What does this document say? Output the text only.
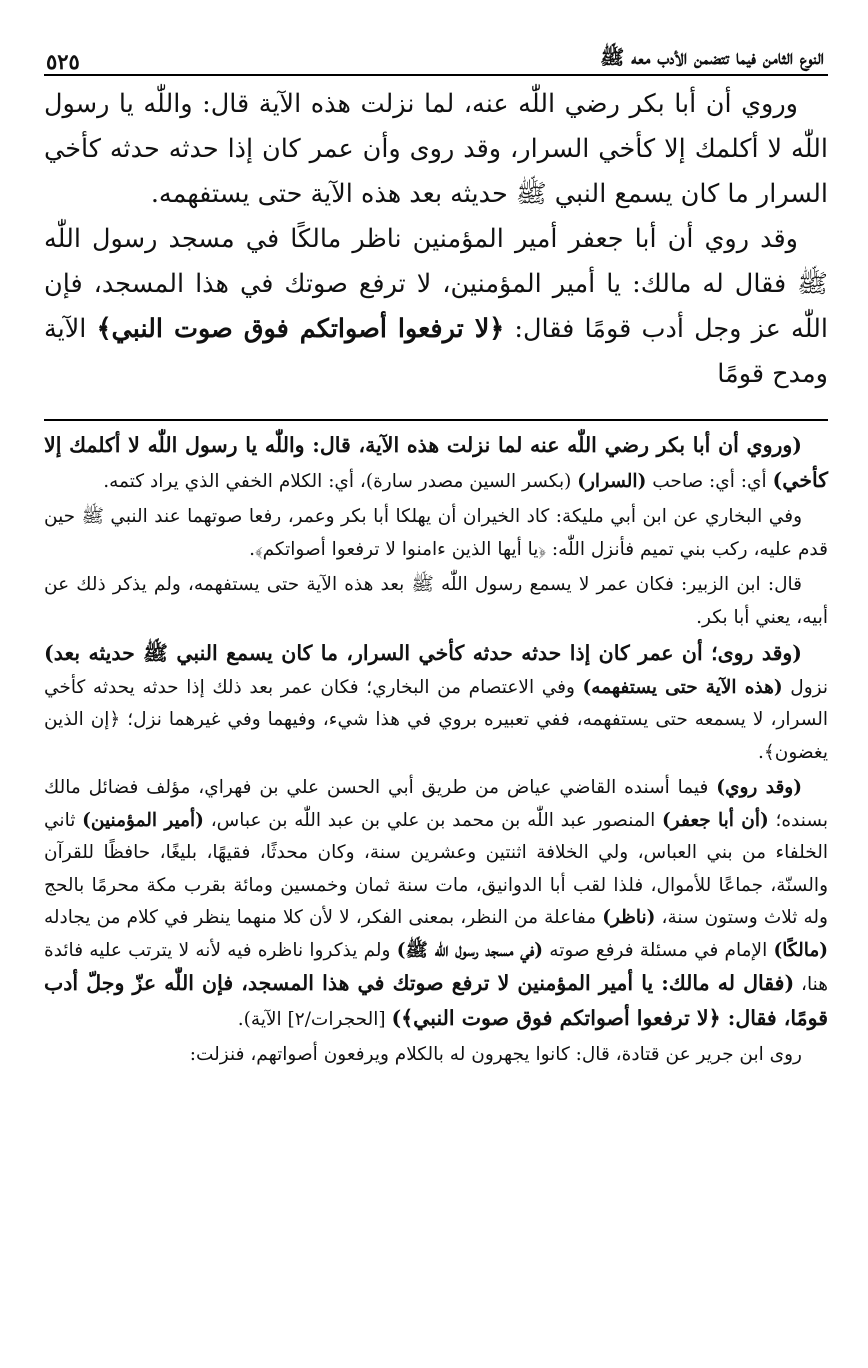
٥٢٥	النوع الثامن فيما تتضمن الأدب معه ﷺ

وروي أن أبا بكر رضي اللّٰه عنه، لما نزلت هذه الآية قال: واللّٰه يا رسول اللّٰه لا أكلمك إلا كأخي السرار، وقد روى وأن عمر كان إذا حدثه حدثه كأخي السرار ما كان يسمع النبي ﷺ حديثه بعد هذه الآية حتى يستفهمه.

وقد روي أن أبا جعفر أمير المؤمنين ناظر مالكًا في مسجد رسول اللّٰه ﷺ فقال له مالك: يا أمير المؤمنين، لا ترفع صوتك في هذا المسجد، فإن اللّٰه عز وجل أدب قومًا فقال: ﴿لا ترفعوا أصواتكم فوق صوت النبي﴾ الآية ومدح قومًا

(وروي أن أبا بكر رضي اللّٰه عنه لما نزلت هذه الآية، قال: واللّٰه يا رسول اللّٰه لا أكلمك إلا كأخي) أي: أي: صاحب (السرار) (بكسر السين مصدر سارة)، أي: الكلام الخفي الذي يراد كتمه.

وفي البخاري عن ابن أبي مليكة: كاد الخيران أن يهلكا أبا بكر وعمر، رفعا صوتهما عند النبي ﷺ حين قدم عليه، ركب بني تميم فأنزل اللّٰه: ﴿يا أيها الذين ءامنوا لا ترفعوا أصواتكم﴾.

قال: ابن الزبير: فكان عمر لا يسمع رسول اللّٰه ﷺ بعد هذه الآية حتى يستفهمه، ولم يذكر ذلك عن أبيه، يعني أبا بكر.

(وقد روى؛ أن عمر كان إذا حدثه حدثه كأخي السرار، ما كان يسمع النبي ﷺ حديثه بعد) نزول (هذه الآية حتى يستفهمه) وفي الاعتصام من البخاري؛ فكان عمر بعد ذلك إذا حدثه يحدثه كأخي السرار، لا يسمعه حتى يستفهمه، ففي تعبيره بروي في هذا شيء، وفيهما وفي غيرهما نزل؛ ﴿إن الذين يغضون﴾.

(وقد روي) فيما أسنده القاضي عياض من طريق أبي الحسن علي بن فهراي، مؤلف فضائل مالك بسنده؛ (أن أبا جعفر) المنصور عبد اللّٰه بن محمد بن علي بن عبد اللّٰه بن عباس، (أمير المؤمنين) ثاني الخلفاء من بني العباس، ولي الخلافة اثنتين وعشرين سنة، وكان محدثًا، فقيهًا، بليغًا، حافظًا للقرآن والسنّة، جماعًا للأموال، فلذا لقب أبا الدوانيق، مات سنة ثمان وخمسين ومائة بقرب مكة محرمًا بالحج وله ثلاث وستون سنة، (ناظر) مفاعلة من النظر، بمعنى الفكر، لا لأن كلا منهما ينظر في كلام من يجادله (مالكًا) الإمام في مسئلة فرفع صوته (في مسجد رسول اللّٰه ﷺ) ولم يذكروا ناظره فيه لأنه لا يترتب عليه فائدة هنا، (فقال له مالك: يا أمير المؤمنين لا ترفع صوتك في هذا المسجد، فإن اللّٰه عزّ وجلّ أدب قومًا، فقال: ﴿لا ترفعوا أصواتكم فوق صوت النبي﴾) [الحجرات/٢] الآية).

روى ابن جرير عن قتادة، قال: كانوا يجهرون له بالكلام ويرفعون أصواتهم، فنزلت:
